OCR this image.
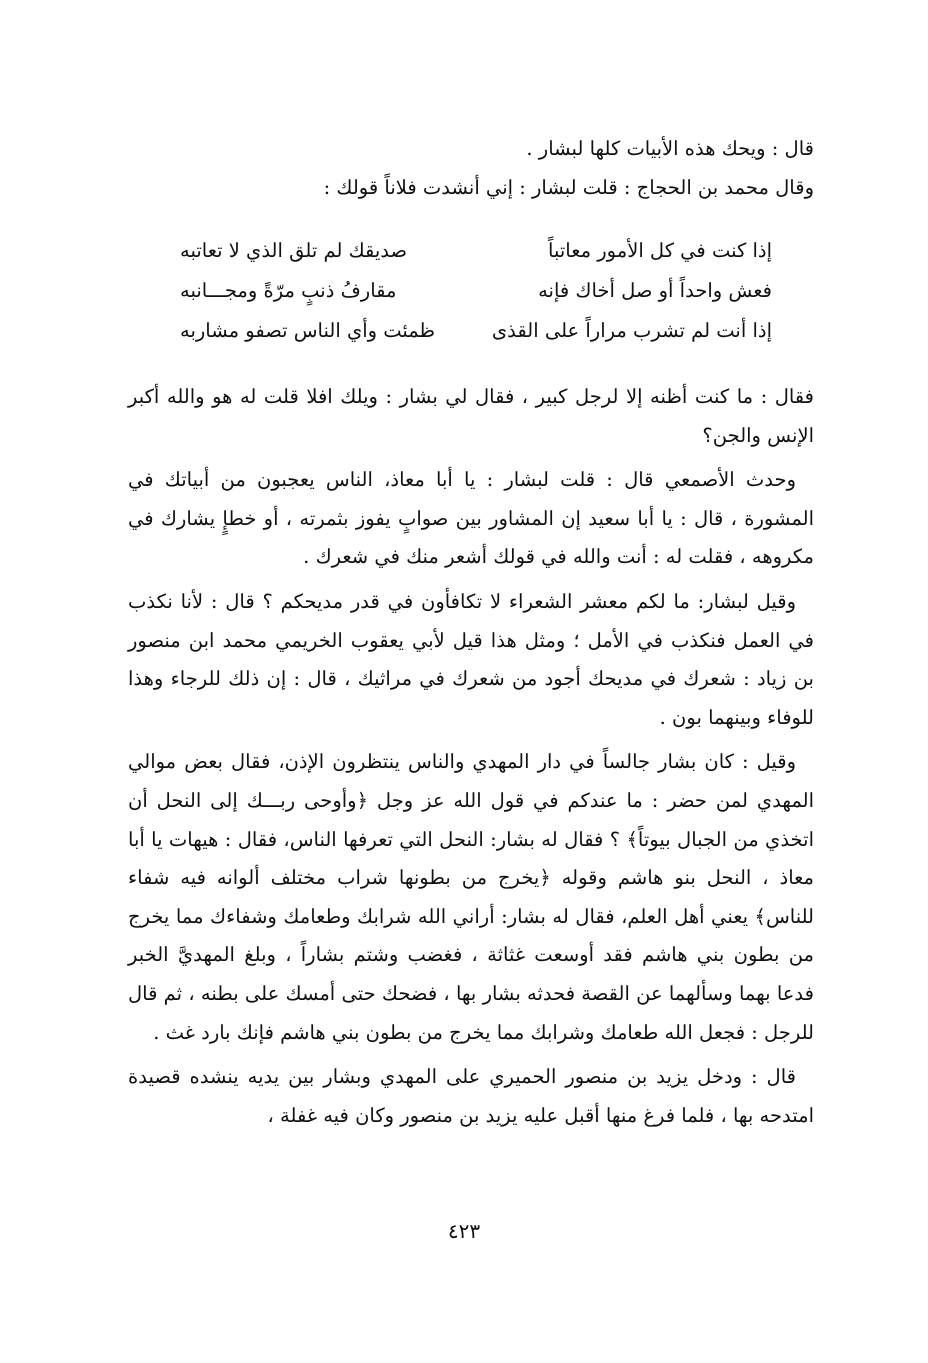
قال : ويحك هذه الأبيات كلها لبشار .

وقال محمد بن الحجاج : قلت لبشار : إني أنشدت فلاناً قولك :

إذا كنت في كل الأمور معاتباً
صديقك لم تلق الذي لا تعاتبه
فعش واحداً أو صل أخاك فإنه
مقارفُ ذنبٍ مرّةً ومجـــانبه
إذا أنت لم تشرب مراراً على القذى
ظمئت وأي الناس تصفو مشاربه

فقال : ما كنت أظنه إلا لرجل كبير ، فقال لي بشار : ويلك افلا قلت له هو والله أكبر الإنس والجن؟

وحدث الأصمعي قال : قلت لبشار : يا أبا معاذ، الناس يعجبون من أبياتك في المشورة ، قال : يا أبا سعيد إن المشاور بين صوابٍ يفوز بثمرته ، أو خطإٍ يشارك في مكروهه ، فقلت له : أنت والله في قولك أشعر منك في شعرك .

وقيل لبشار: ما لكم معشر الشعراء لا تكافأون في قدر مديحكم ؟ قال : لأنا نكذب في العمل فنكذب في الأمل ؛ ومثل هذا قيل لأبي يعقوب الخريمي محمد ابن منصور بن زياد : شعرك في مديحك أجود من شعرك في مراثيك ، قال : إن ذلك للرجاء وهذا للوفاء وبينهما بون .

وقيل : كان بشار جالساً في دار المهدي والناس ينتظرون الإذن، فقال بعض موالي المهدي لمن حضر : ما عندكم في قول الله عز وجل ﴿وأوحى ربـــك إلى النحل أن اتخذي من الجبال بيوتاً﴾ ؟ فقال له بشار: النحل التي تعرفها الناس، فقال : هيهات يا أبا معاذ ، النحل بنو هاشم وقوله ﴿يخرج من بطونها شراب مختلف ألوانه فيه شفاء للناس﴾ يعني أهل العلم، فقال له بشار: أراني الله شرابك وطعامك وشفاءك مما يخرج من بطون بني هاشم فقد أوسعت غثاثة ، فغضب وشتم بشاراً ، وبلغ المهديَّ الخبر فدعا بهما وسألهما عن القصة فحدثه بشار بها ، فضحك حتى أمسك على بطنه ، ثم قال للرجل : فجعل الله طعامك وشرابك مما يخرج من بطون بني هاشم فإنك بارد غث .

قال : ودخل يزيد بن منصور الحميري على المهدي وبشار بين يديه ينشده قصيدة امتدحه بها ، فلما فرغ منها أقبل عليه يزيد بن منصور وكان فيه غفلة ،

٤٢٣
